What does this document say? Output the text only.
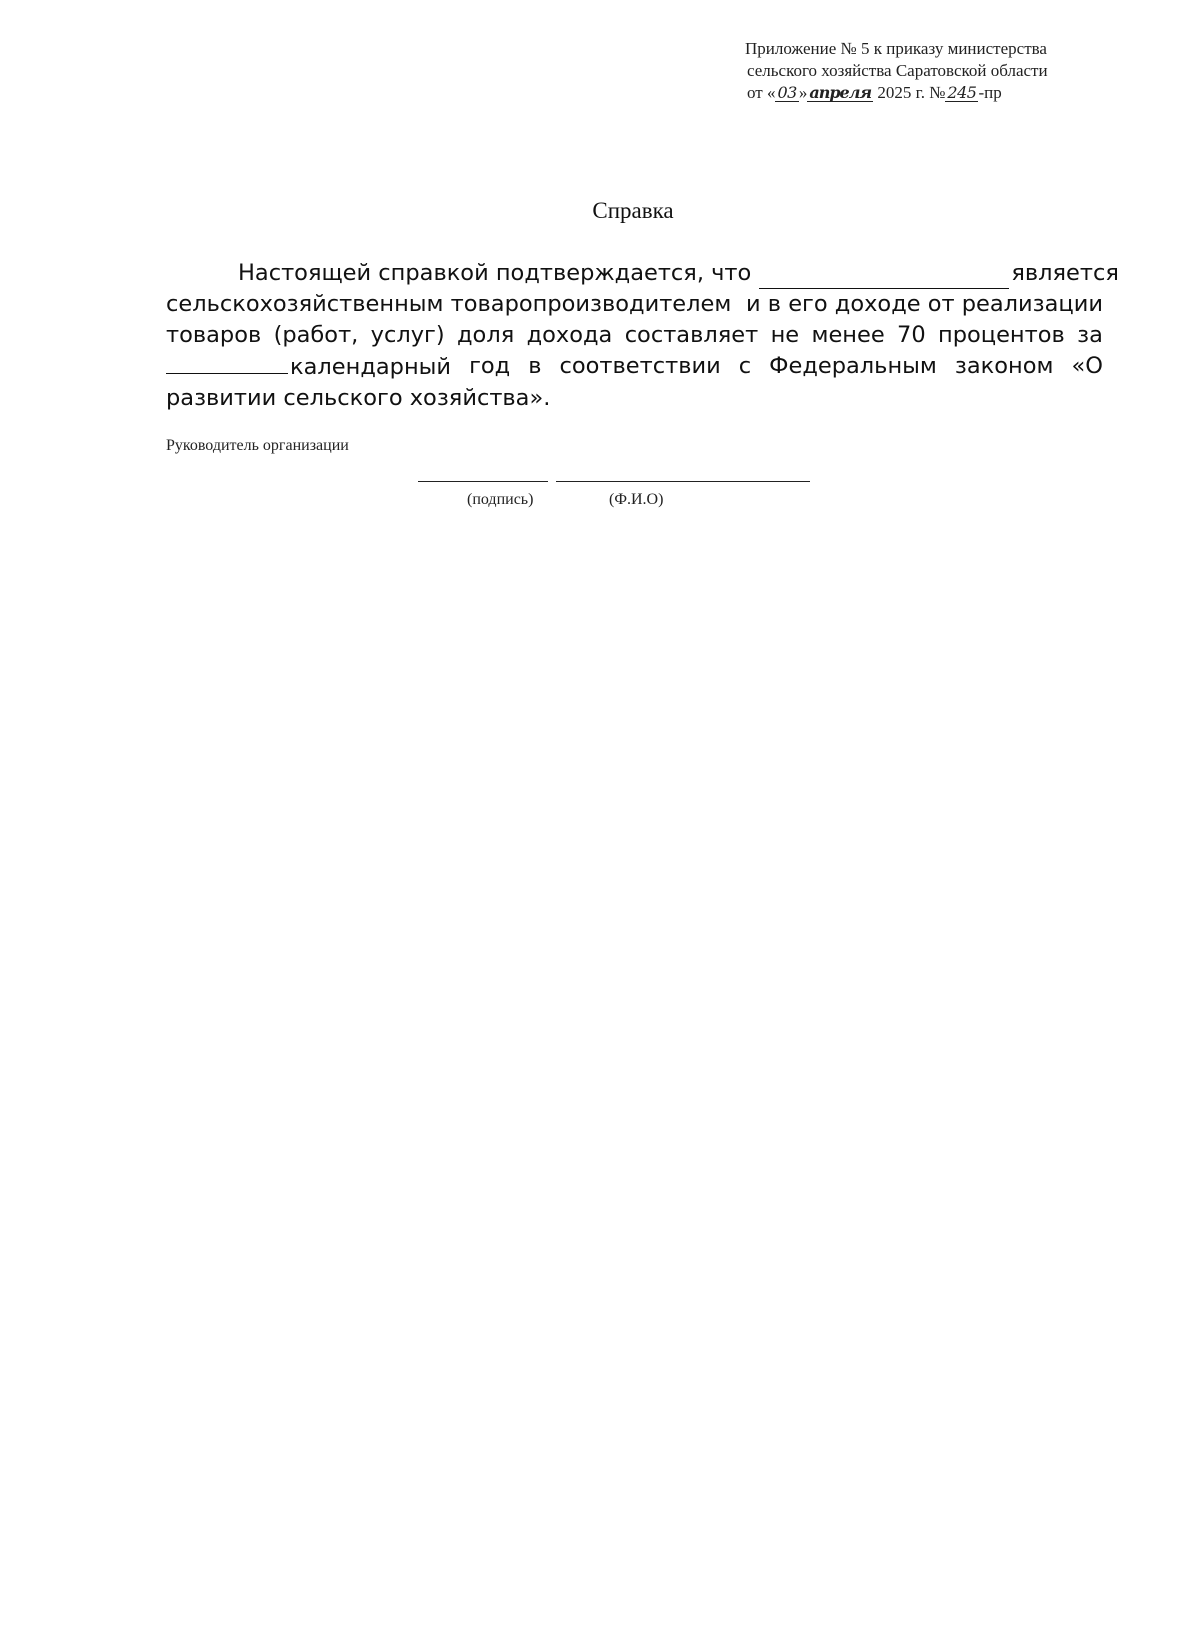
Приложение № 5 к приказу министерства
сельского хозяйства Саратовской области
от « 03 » апреля 2025 г. № 245 -пр
Справка
Настоящей справкой подтверждается, что	является
сельскохозяйственным товаропроизводителем и в его доходе от реализации
товаров (работ, услуг) доля дохода составляет не менее 70 процентов за
календарный год в соответствии с Федеральным законом «О
развитии сельского хозяйства».
Руководитель организации
(подпись)	(Ф.И.О)
